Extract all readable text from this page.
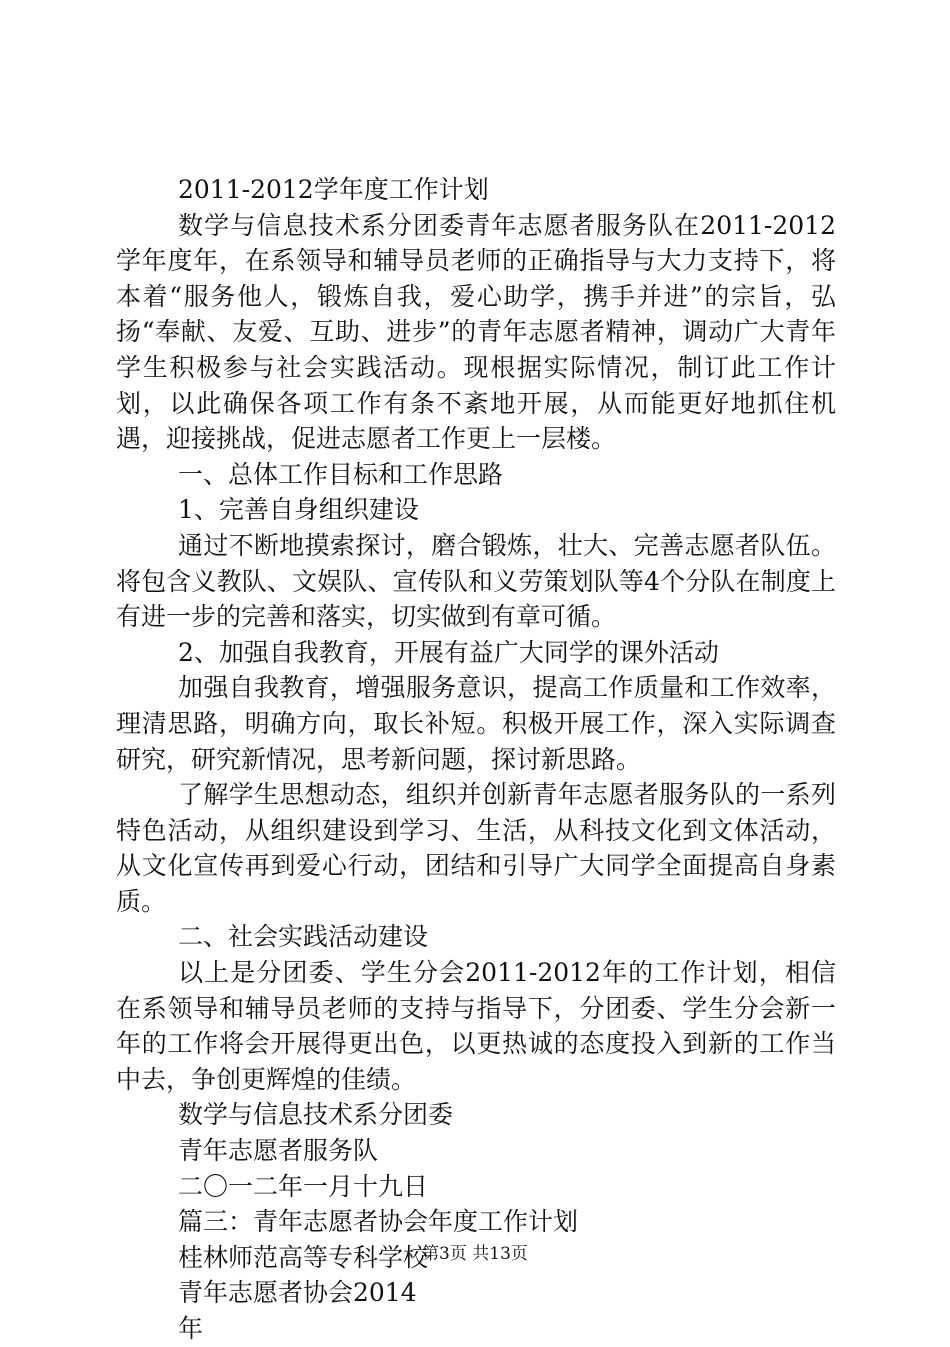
2011-2012学年度工作计划

数学与信息技术系分团委青年志愿者服务队在2011-2012学年度年，在系领导和辅导员老师的正确指导与大力支持下，将本着“服务他人，锻炼自我，爱心助学，携手并进”的宗旨，弘扬“奉献、友爱、互助、进步”的青年志愿者精神，调动广大青年学生积极参与社会实践活动。现根据实际情况，制订此工作计划，以此确保各项工作有条不紊地开展，从而能更好地抓住机遇，迎接挑战，促进志愿者工作更上一层楼。

一、总体工作目标和工作思路

1、完善自身组织建设

通过不断地摸索探讨，磨合锻炼，壮大、完善志愿者队伍。将包含义教队、文娱队、宣传队和义劳策划队等4个分队在制度上有进一步的完善和落实，切实做到有章可循。

2、加强自我教育，开展有益广大同学的课外活动

加强自我教育，增强服务意识，提高工作质量和工作效率，理清思路，明确方向，取长补短。积极开展工作，深入实际调查研究，研究新情况，思考新问题，探讨新思路。

了解学生思想动态，组织并创新青年志愿者服务队的一系列特色活动，从组织建设到学习、生活，从科技文化到文体活动，从文化宣传再到爱心行动，团结和引导广大同学全面提高自身素质。

二、社会实践活动建设

以上是分团委、学生分会2011-2012年的工作计划，相信在系领导和辅导员老师的支持与指导下，分团委、学生分会新一年的工作将会开展得更出色，以更热诚的态度投入到新的工作当中去，争创更辉煌的佳绩。

数学与信息技术系分团委

青年志愿者服务队

二〇一二年一月十九日

篇三：青年志愿者协会年度工作计划

桂林师范高等专科学校

青年志愿者协会2014

年

第3页 共13页
